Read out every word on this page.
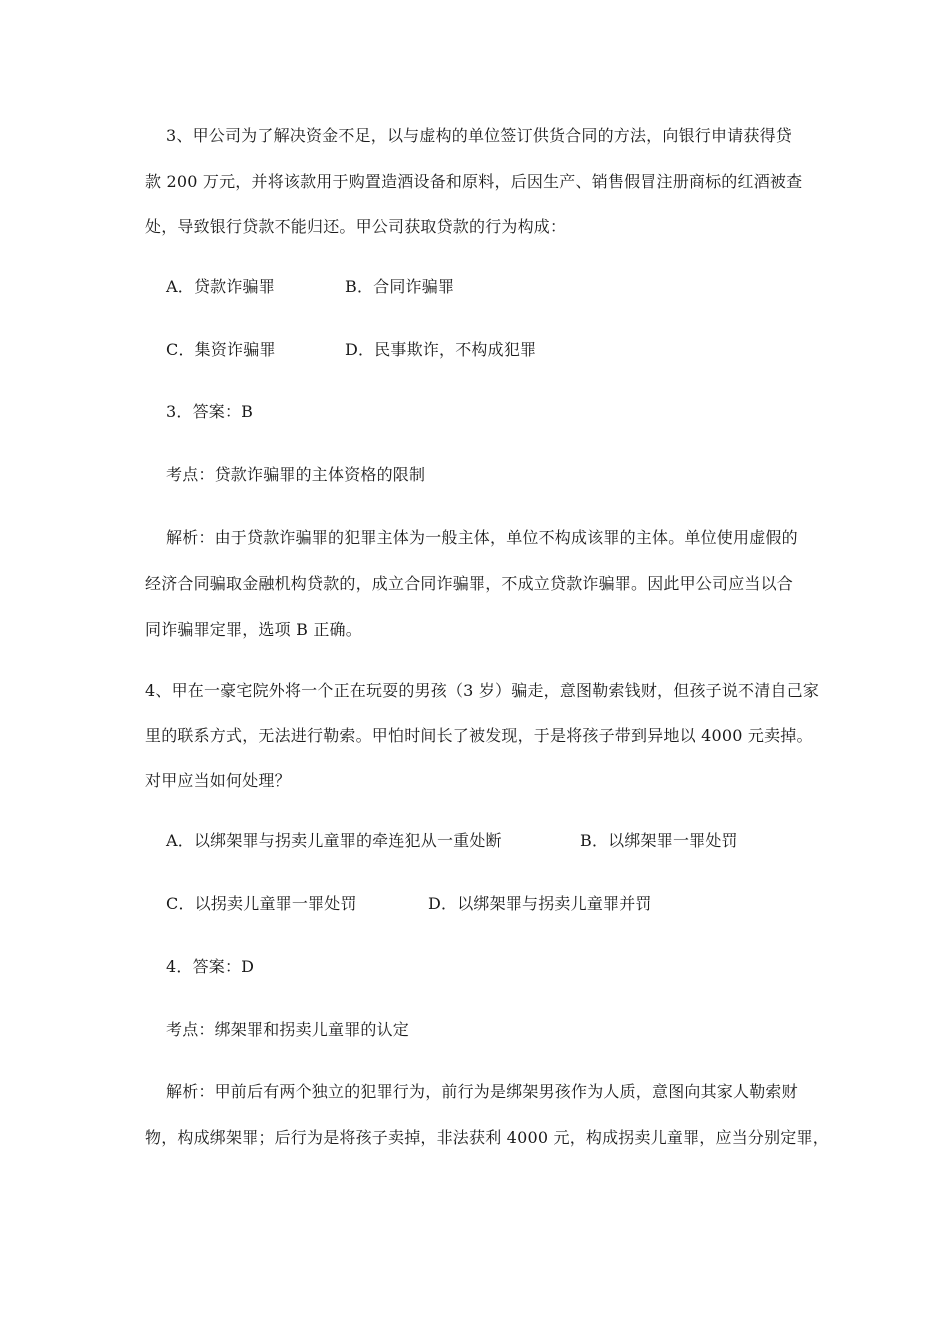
3、甲公司为了解决资金不足，以与虚构的单位签订供货合同的方法，向银行申请获得贷
款 200 万元，并将该款用于购置造酒设备和原料，后因生产、销售假冒注册商标的红酒被查
处，导致银行贷款不能归还。甲公司获取贷款的行为构成：
A．贷款诈骗罪	B．合同诈骗罪
C．集资诈骗罪	D．民事欺诈，不构成犯罪
3．答案：B
考点：贷款诈骗罪的主体资格的限制
解析：由于贷款诈骗罪的犯罪主体为一般主体，单位不构成该罪的主体。单位使用虚假的
经济合同骗取金融机构贷款的，成立合同诈骗罪，不成立贷款诈骗罪。因此甲公司应当以合
同诈骗罪定罪，选项 B 正确。
4、甲在一豪宅院外将一个正在玩耍的男孩（3 岁）骗走，意图勒索钱财，但孩子说不清自己家
里的联系方式，无法进行勒索。甲怕时间长了被发现，于是将孩子带到异地以 4000 元卖掉。
对甲应当如何处理？
A．以绑架罪与拐卖儿童罪的牵连犯从一重处断	B．以绑架罪一罪处罚
C．以拐卖儿童罪一罪处罚	D．以绑架罪与拐卖儿童罪并罚
4．答案：D
考点：绑架罪和拐卖儿童罪的认定
解析：甲前后有两个独立的犯罪行为，前行为是绑架男孩作为人质，意图向其家人勒索财
物，构成绑架罪；后行为是将孩子卖掉，非法获利 4000 元，构成拐卖儿童罪，应当分别定罪，
